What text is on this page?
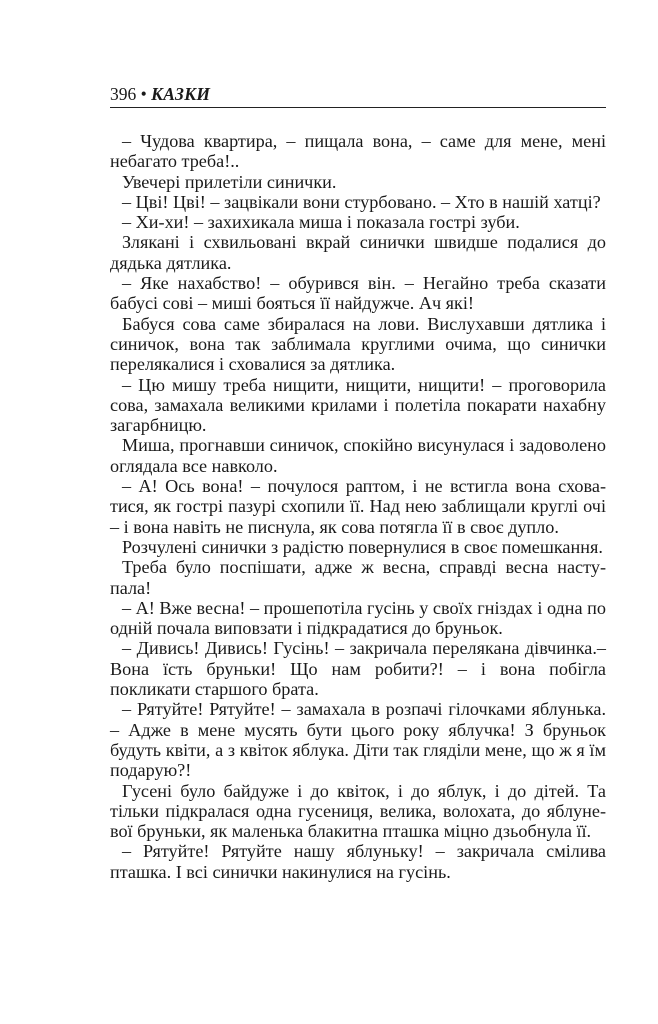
396 • КАЗКИ

– Чудова квартира, – пищала вона, – саме для мене, мені небагато треба!..

Увечері прилетіли синички.

– Цві! Цві! – зацвікали вони стурбовано. – Хто в нашій хатці?

– Хи-хи! – захихикала миша і показала гострі зуби.

Зляканi і схвильовані вкрай синички швидше подалися до дядька дятлика.

– Яке нахабство! – обурився він. – Негайно треба сказати бабусі сові – миші бояться її найдужче. Ач які!

Бабуся сова саме збиралася на лови. Вислухавши дятлика і синичок, вона так заблимала круглими очима, що синички перелякалися і сховалися за дятлика.

– Цю мишу треба нищити, нищити, нищити! – проговорила сова, замахала великими крилами і полетіла покарати нахабну загарбницю.

Миша, прогнавши синичок, спокійно висунулася і задоволено оглядала все навколо.

– А! Ось вона! – почулося раптом, і не встигла вона сховатися, як гострі пазурі схопили її. Над нею заблищали круглі очі – і вона навіть не писнула, як сова потягла її в своє дупло.

Розчулені синички з радістю повернулися в своє помешкання.

Треба було поспішати, адже ж весна, справді весна наступала!

– А! Вже весна! – прошепотіла гусінь у своїх гніздах і одна по одній почала виповзати і підкрадатися до бруньок.

– Дивись! Дивись! Гусінь! – закричала перелякана дівчинка.– Вона їсть бруньки! Що нам робити?! – і вона побігла покликати старшого брата.

– Рятуйте! Рятуйте! – замахала в розпачі гілочками яблунька. – Адже в мене мусять бути цього року яблучка! З бруньок будуть квіти, а з квіток яблука. Діти так гляділи мене, що ж я їм подарую?!

Гусені було байдуже і до квіток, і до яблук, і до дітей. Та тільки підкралася одна гусениця, велика, волохата, до яблуневої бруньки, як маленька блакитна пташка міцно дзьобнула її.

– Рятуйте! Рятуйте нашу яблуньку! – закричала смілива пташка. І всі синички накинулися на гусінь.
